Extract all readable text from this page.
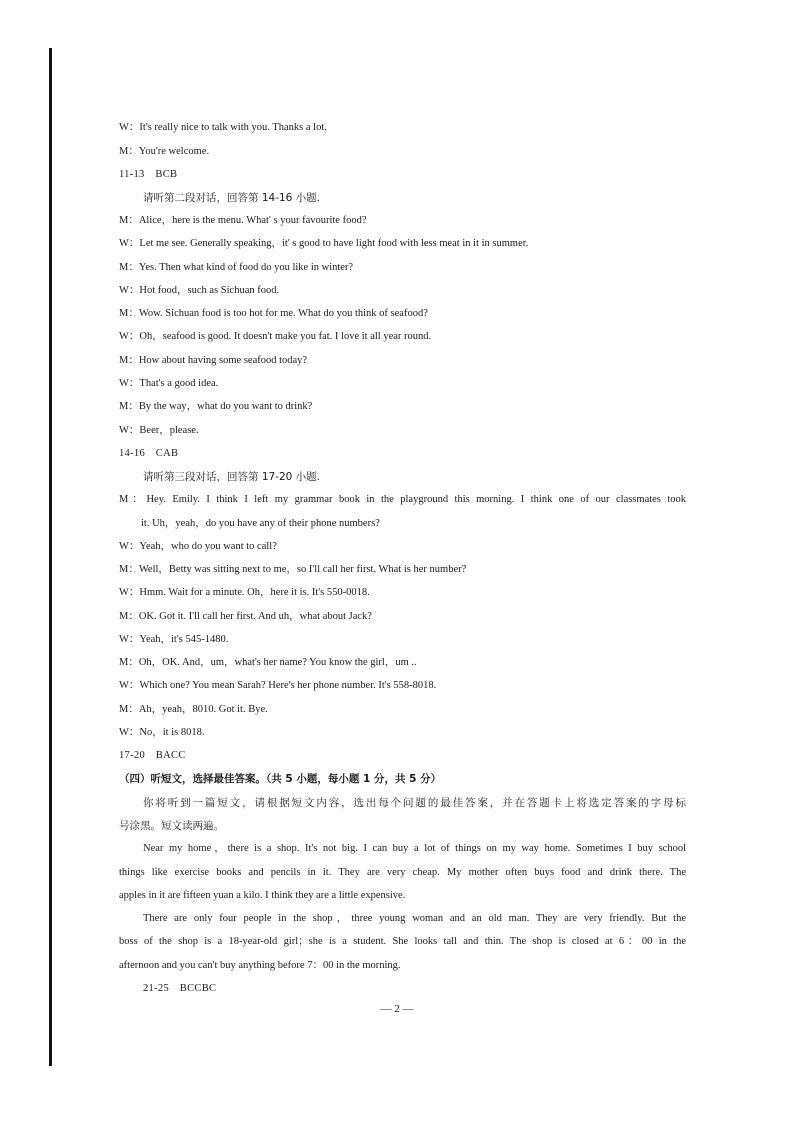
W：It's really nice to talk with you. Thanks a lot.
M：You're welcome.
11-13　BCB
请听第二段对话，回答第 14-16 小题.
M：Alice，here is the menu. What' s your favourite food?
W：Let me see. Generally speaking，it' s good to have light food with less meat in it in summer.
M：Yes. Then what kind of food do you like in winter?
W：Hot food，such as Sichuan food.
M：Wow. Sichuan food is too hot for me. What do you think of seafood?
W：Oh，seafood is good. It doesn't make you fat. I love it all year round.
M：How about having some seafood today?
W：That's a good idea.
M：By the way，what do you want to drink?
W：Beer，please.
14-16　CAB
请听第三段对话，回答第 17-20 小题.
M：Hey. Emily. I think I left my grammar book in the playground this morning. I think one of our classmates took
it. Uh，yeah，do you have any of their phone numbers?
W：Yeah，who do you want to call?
M：Well，Betty was sitting next to me，so I'll call her first. What is her number?
W：Hmm. Wait for a minute. Oh，here it is. It's 550-0018.
M：OK. Got it. I'll call her first. And uh，what about Jack?
W：Yeah，it's 545-1480.
M：Oh，OK. And，um，what's her name? You know the girl，um ..
W：Which one? You mean Sarah? Here's her phone number. It's 558-8018.
M：Ah，yeah，8010. Got it. Bye.
W：No，it is 8018.
17-20　BACC
（四）听短文，选择最佳答案。（共 5 小题，每小题 1 分，共 5 分）
你将听到一篇短文，请根据短文内容，选出每个问题的最佳答案，并在答题卡上将选定答案的字母标
号涂黑。短文读两遍。
Near my home，there is a shop. It's not big. I can buy a lot of things on my way home. Sometimes I buy school
things like exercise books and pencils in it. They are very cheap. My mother often buys food and drink there. The
apples in it are fifteen yuan a kilo. I think they are a little expensive.
There are only four people in the shop，three young woman and an old man. They are very friendly. But the
boss of the shop is a 18-year-old girl；she is a student. She looks tall and thin. The shop is closed at 6：00 in the
afternoon and you can't buy anything before 7：00 in the morning.
21-25　BCCBC
— 2 —
